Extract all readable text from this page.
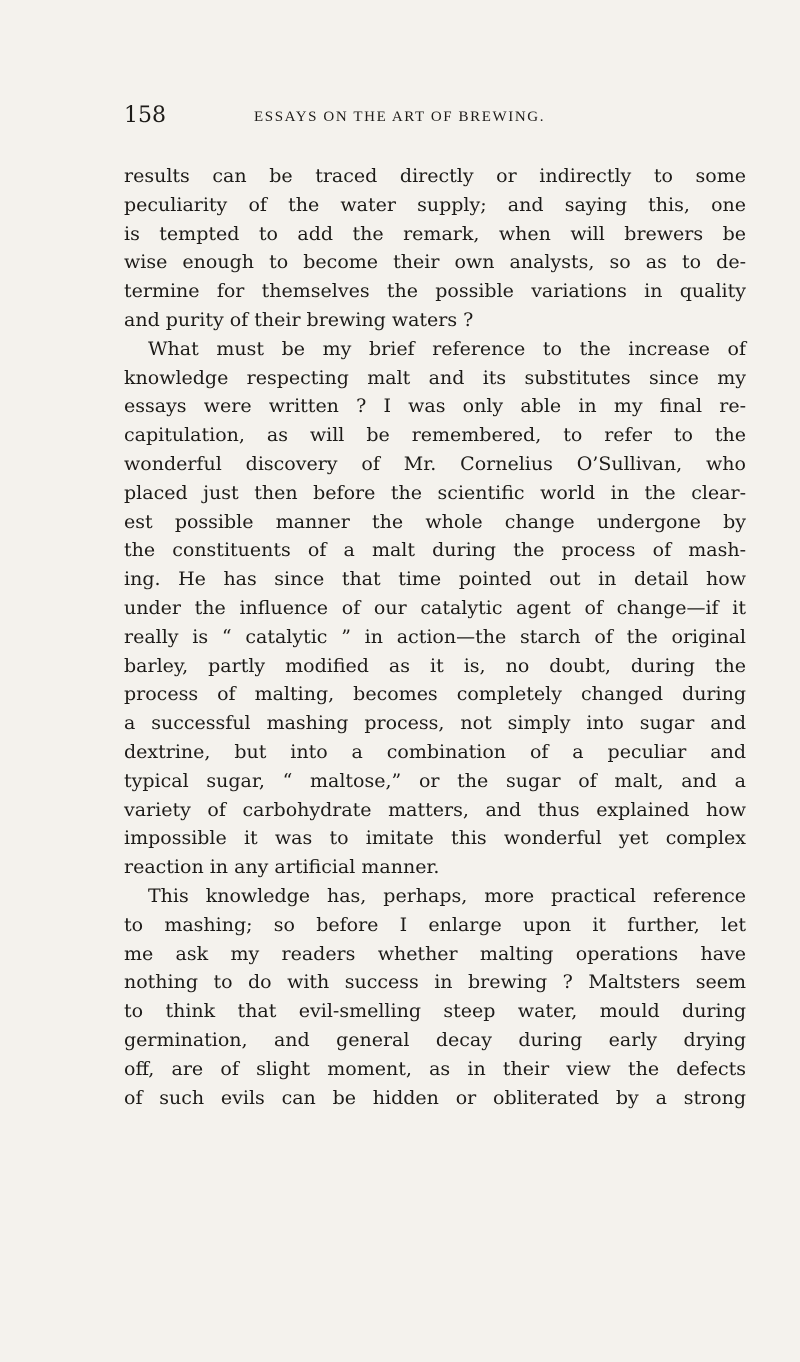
158	ESSAYS ON THE ART OF BREWING.
results can be traced directly or indirectly to some
peculiarity of the water supply; and saying this, one
is tempted to add the remark, when will brewers be
wise enough to become their own analysts, so as to de-
termine for themselves the possible variations in quality
and purity of their brewing waters ?
What must be my brief reference to the increase of
knowledge respecting malt and its substitutes since my
essays were written ? I was only able in my final re-
capitulation, as will be remembered, to refer to the
wonderful discovery of Mr. Cornelius O’Sullivan, who
placed just then before the scientific world in the clear-
est possible manner the whole change undergone by
the constituents of a malt during the process of mash-
ing. He has since that time pointed out in detail how
under the influence of our catalytic agent of change—if it
really is “ catalytic ” in action—the starch of the original
barley, partly modified as it is, no doubt, during the
process of malting, becomes completely changed during
a successful mashing process, not simply into sugar and
dextrine, but into a combination of a peculiar and
typical sugar, “ maltose,” or the sugar of malt, and a
variety of carbohydrate matters, and thus explained how
impossible it was to imitate this wonderful yet complex
reaction in any artificial manner.
This knowledge has, perhaps, more practical reference
to mashing; so before I enlarge upon it further, let
me ask my readers whether malting operations have
nothing to do with success in brewing ? Maltsters seem
to think that evil-smelling steep water, mould during
germination, and general decay during early drying
off, are of slight moment, as in their view the defects
of such evils can be hidden or obliterated by a strong
